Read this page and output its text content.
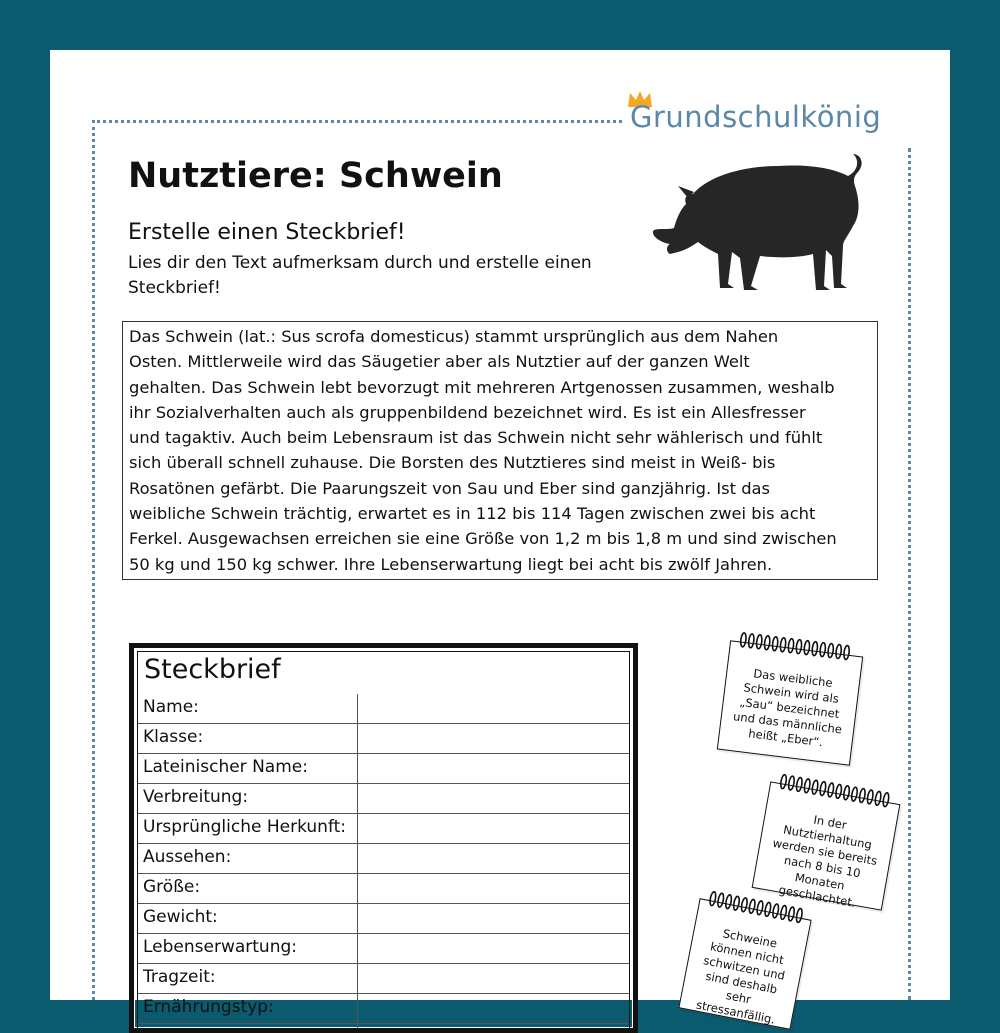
Grundschulkönig
Nutztiere: Schwein
Erstelle einen Steckbrief!
Lies dir den Text aufmerksam durch und erstelle einen Steckbrief!
Das Schwein (lat.: Sus scrofa domesticus) stammt ursprünglich aus dem Nahen
Osten. Mittlerweile wird das Säugetier aber als Nutztier auf der ganzen Welt
gehalten. Das Schwein lebt bevorzugt mit mehreren Artgenossen zusammen, weshalb
ihr Sozialverhalten auch als gruppenbildend bezeichnet wird. Es ist ein Allesfresser
und tagaktiv. Auch beim Lebensraum ist das Schwein nicht sehr wählerisch und fühlt
sich überall schnell zuhause. Die Borsten des Nutztieres sind meist in Weiß- bis
Rosatönen gefärbt. Die Paarungszeit von Sau und Eber sind ganzjährig. Ist das
weibliche Schwein trächtig, erwartet es in 112 bis 114 Tagen zwischen zwei bis acht
Ferkel. Ausgewachsen erreichen sie eine Größe von 1,2 m bis 1,8 m und sind zwischen
50 kg und 150 kg schwer. Ihre Lebenserwartung liegt bei acht bis zwölf Jahren.
Steckbrief
Name:
Klasse:
Lateinischer Name:
Verbreitung:
Ursprüngliche Herkunft:
Aussehen:
Größe:
Gewicht:
Lebenserwartung:
Tragzeit:
Ernährungstyp:
Das weibliche Schwein wird als „Sau“ bezeichnet und das männliche heißt „Eber“.
In der Nutztierhaltung werden sie bereits nach 8 bis 10 Monaten geschlachtet.
Schweine können nicht schwitzen und sind deshalb sehr stressanfällig.
